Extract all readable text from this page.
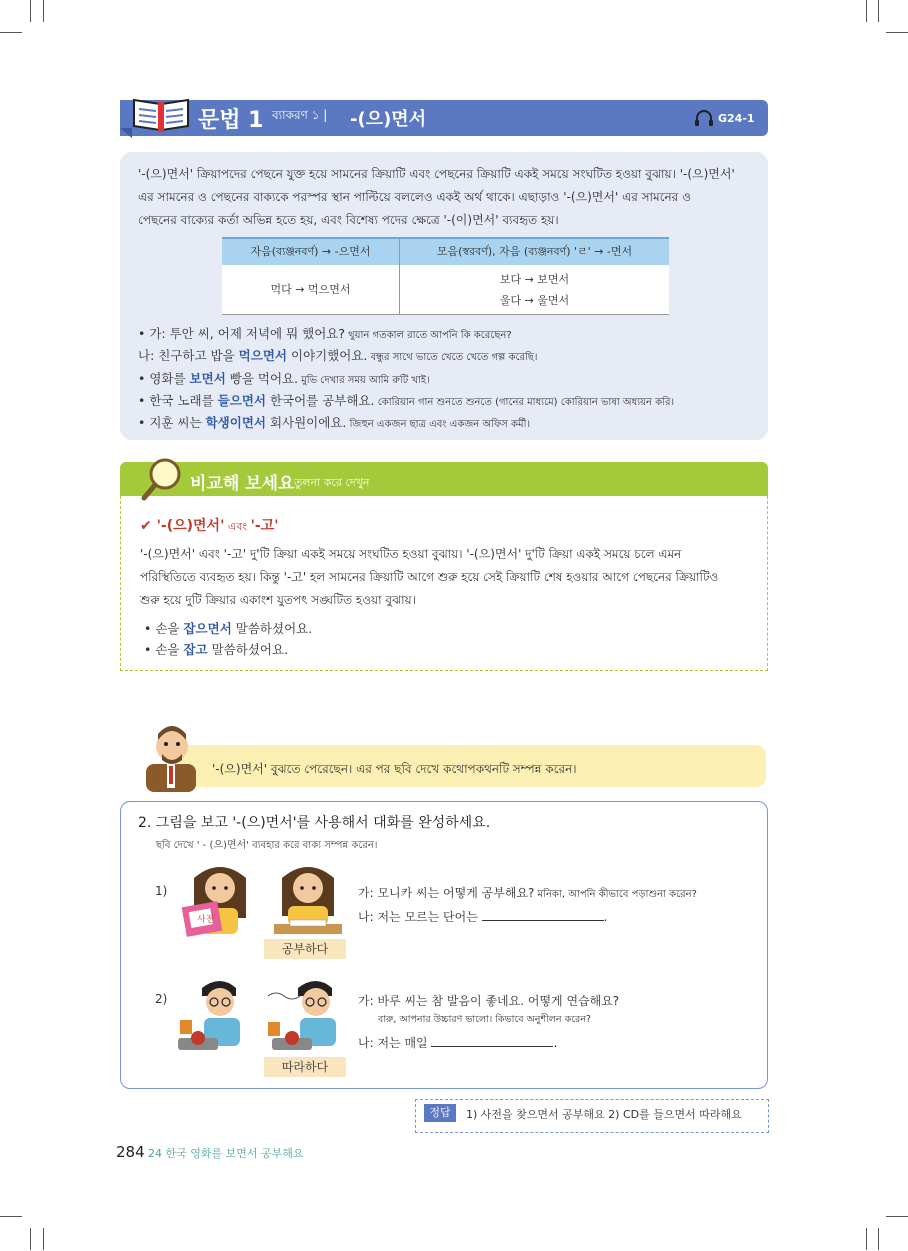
문법 1 ব্যাকরণ ১ | -(으)면서	G24-1
'-(으)면서' ক্রিয়াপদের পেছনে যুক্ত হয়ে সামনের ক্রিয়াটি এবং পেছনের ক্রিয়াটি একই সময়ে সংঘটিত হওয়া বুঝায়। '-(으)면서'
এর সামনের ও পেছনের বাক্যকে পরস্পর স্থান পাল্টিয়ে বললেও একই অর্থ থাকে। এছাড়াও '-(으)면서' এর সামনের ও
পেছনের বাক্যের কর্তা অভিন্ন হতে হয়, এবং বিশেষ্য পদের ক্ষেত্রে '-(이)면서' ব্যবহৃত হয়।
자음(ব্যঞ্জনবর্ণ) → -으면서	모음(স্বরবর্ণ), 자음 (ব্যঞ্জনবর্ণ) 'ㄹ' → -면서

먹다 → 먹으면서	보다 → 보면서
울다 → 울면서
• 가: 투안 씨, 어제 저녁에 뭐 했어요? থুয়ান গতকাল রাতে আপনি কি করেছেন?
나: 친구하고 밥을 먹으면서 이야기했어요. বন্ধুর সাথে ভাতে খেতে খেতে গল্প করেছি।
• 영화를 보면서 빵을 먹어요. মুভি দেখার সময় আমি রুটি খাই।
• 한국 노래를 들으면서 한국어를 공부해요. কোরিয়ান গান শুনতে শুনতে (গানের মাধ্যমে) কোরিয়ান ভাষা অধ্যয়ন করি।
• 지훈 씨는 학생이면서 회사원이에요. জিহুন একজন ছাত্র এবং একজন অফিস কর্মী।
비교해 보세요 তুলনা করে দেখুন
✔ '-(으)면서' এবং '-고'
'-(으)면서' এবং '-고' দু'টি ক্রিয়া একই সময়ে সংঘটিত হওয়া বুঝায়। '-(으)면서' দু'টি ক্রিয়া একই সময়ে চলে এমন
পরিস্থিতিতে ব্যবহৃত হয়। কিন্তু '-고' হল সামনের ক্রিয়াটি আগে শুরু হয়ে সেই ক্রিয়াটি শেষ হওয়ার আগে পেছনের ক্রিয়াটিও
শুরু হয়ে দুটি ক্রিয়ার একাংশ যুতপৎ সঙ্ঘটিত হওয়া বুঝায়।
• 손을 잡으면서 말씀하셨어요.
• 손을 잡고 말씀하셨어요.
'-(으)면서' বুঝতে পেরেছেন। এর পর ছবি দেখে কথোপকথনটি সম্পন্ন করেন।
2. 그림을 보고 '-(으)면서'를 사용해서 대화를 완성하세요.
ছবি দেখে ' - (으)면서' ব্যবহার করে বাক্য সম্পন্ন করেন।
1)
사전
공부하다
가: 모니카 씨는 어떻게 공부해요? মনিকা, আপনি কীভাবে পড়াশুনা করেন?
나: 저는 모르는 단어는	.
2)
따라하다
가: 바루 씨는 참 발음이 좋네요. 어떻게 연습해요?
বারু, আপনার উচ্চারণ ভালো। কিভাবে অনুশীলন করেন?
나: 저는 매일	.
정답	1) 사전을 찾으면서 공부해요 2) CD를 들으면서 따라해요
284 24 한국 영화를 보면서 공부해요
